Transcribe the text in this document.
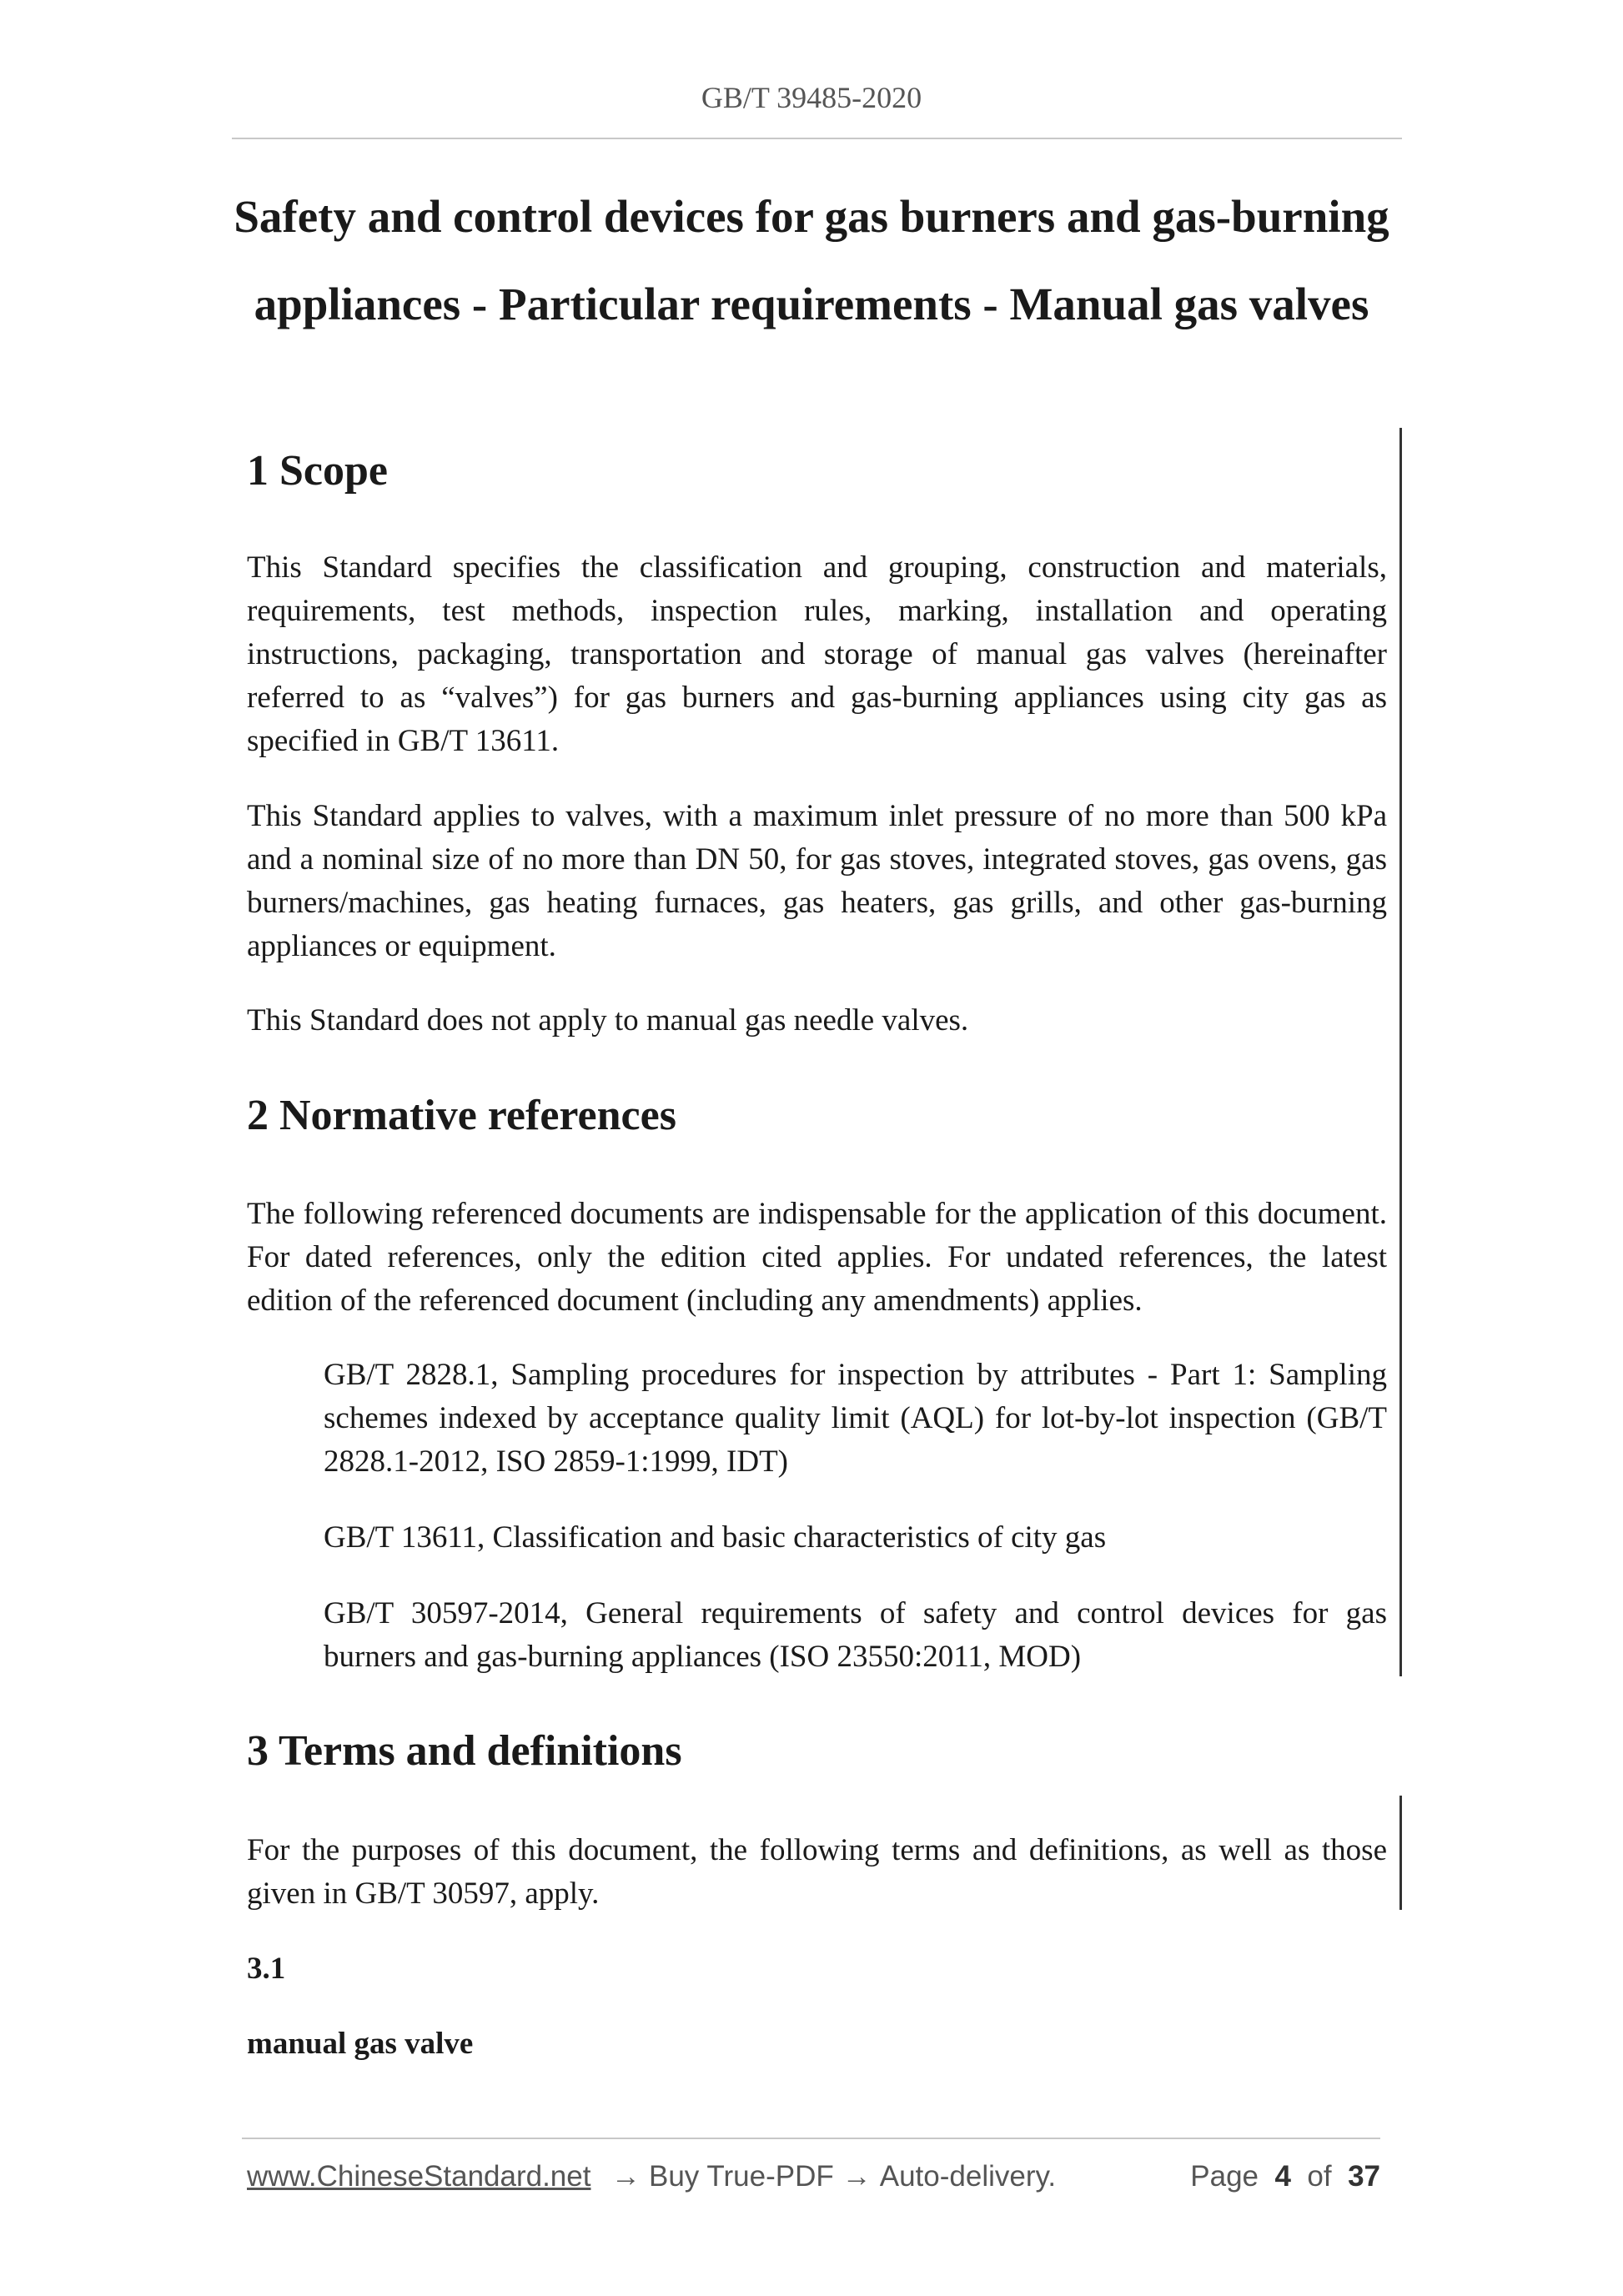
GB/T 39485-2020
Safety and control devices for gas burners and gas-burning
appliances - Particular requirements - Manual gas valves
1 Scope

This Standard specifies the classification and grouping, construction and materials, requirements, test methods, inspection rules, marking, installation and operating instructions, packaging, transportation and storage of manual gas valves (hereinafter referred to as “valves”) for gas burners and gas-burning appliances using city gas as specified in GB/T 13611.

This Standard applies to valves, with a maximum inlet pressure of no more than 500 kPa and a nominal size of no more than DN 50, for gas stoves, integrated stoves, gas ovens, gas burners/machines, gas heating furnaces, gas heaters, gas grills, and other gas-burning appliances or equipment.

This Standard does not apply to manual gas needle valves.

2 Normative references

The following referenced documents are indispensable for the application of this document. For dated references, only the edition cited applies. For undated references, the latest edition of the referenced document (including any amendments) applies.

GB/T 2828.1, Sampling procedures for inspection by attributes - Part 1: Sampling schemes indexed by acceptance quality limit (AQL) for lot-by-lot inspection (GB/T 2828.1-2012, ISO 2859-1:1999, IDT)

GB/T 13611, Classification and basic characteristics of city gas

GB/T 30597-2014, General requirements of safety and control devices for gas burners and gas-burning appliances (ISO 23550:2011, MOD)

3 Terms and definitions

For the purposes of this document, the following terms and definitions, as well as those given in GB/T 30597, apply.

3.1

manual gas valve

www.ChineseStandard.net → Buy True-PDF → Auto-delivery.	Page 4 of 37
